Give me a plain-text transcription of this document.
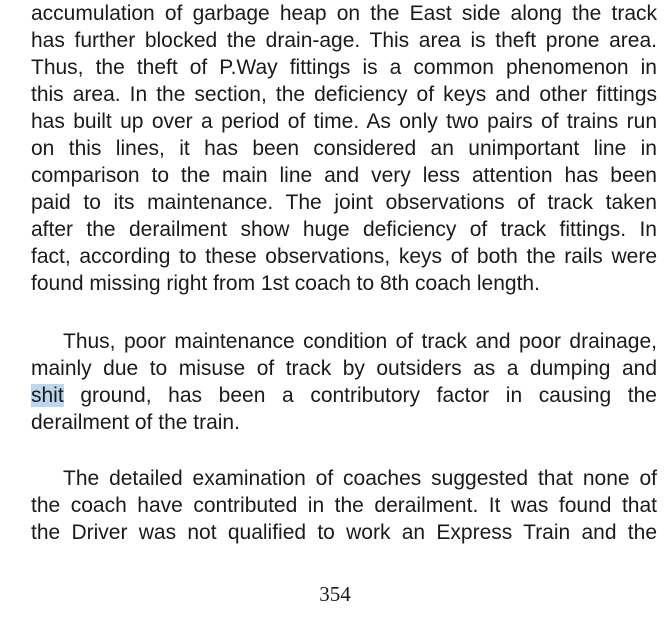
accumulation of garbage heap on the East side along the track
has further blocked the drain-age. This area is theft prone area.
Thus, the theft of P.Way fittings is a common phenomenon in
this area. In the section, the deficiency of keys and other fittings
has built up over a period of time. As only two pairs of trains run
on this lines, it has been considered an unimportant line in
comparison to the main line and very less attention has been
paid to its maintenance. The joint observations of track taken
after the derailment show huge deficiency of track fittings. In
fact, according to these observations, keys of both the rails were
found missing right from 1st coach to 8th coach length.
Thus, poor maintenance condition of track and poor drainage,
mainly due to misuse of track by outsiders as a dumping and
shit ground, has been a contributory factor in causing the
derailment of the train.
The detailed examination of coaches suggested that none of
the coach have contributed in the derailment. It was found that
the Driver was not qualified to work an Express Train and the
354
